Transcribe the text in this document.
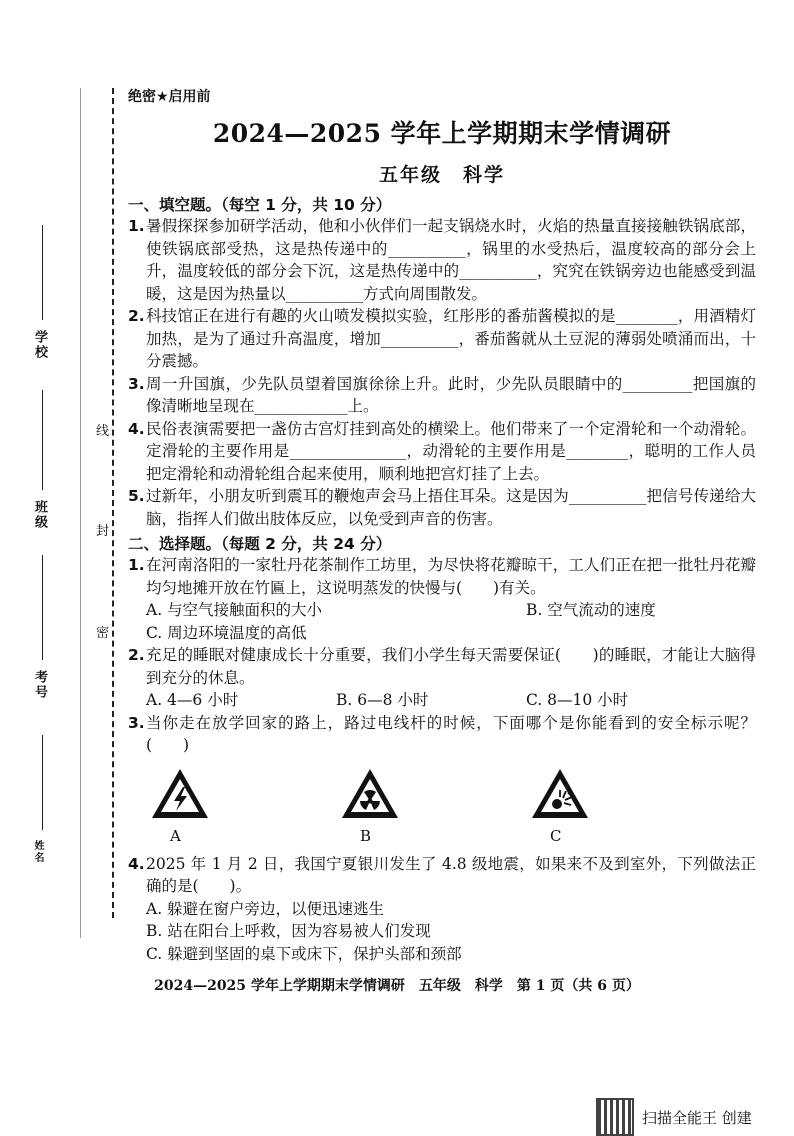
学校
班级
考号
姓名
线
封
密
绝密★启用前
2024—2025 学年上学期期末学情调研
五年级　科学
一、填空题。（每空 1 分，共 10 分）
1. 暑假探探参加研学活动，他和小伙伴们一起支锅烧水时，火焰的热量直接接触铁锅底部，使铁锅底部受热，这是热传递中的__________，锅里的水受热后，温度较高的部分会上升，温度较低的部分会下沉，这是热传递中的__________，究究在铁锅旁边也能感受到温暖，这是因为热量以__________方式向周围散发。
2. 科技馆正在进行有趣的火山喷发模拟实验，红彤彤的番茄酱模拟的是________，用酒精灯加热，是为了通过升高温度，增加__________，番茄酱就从土豆泥的薄弱处喷涌而出，十分震撼。
3. 周一升国旗，少先队员望着国旗徐徐上升。此时，少先队员眼睛中的_________把国旗的像清晰地呈现在____________上。
4. 民俗表演需要把一盏仿古宫灯挂到高处的横梁上。他们带来了一个定滑轮和一个动滑轮。定滑轮的主要作用是_______________，动滑轮的主要作用是________，聪明的工作人员把定滑轮和动滑轮组合起来使用，顺利地把宫灯挂了上去。
5. 过新年，小朋友听到震耳的鞭炮声会马上捂住耳朵。这是因为__________把信号传递给大脑，指挥人们做出肢体反应，以免受到声音的伤害。
二、选择题。（每题 2 分，共 24 分）
1. 在河南洛阳的一家牡丹花茶制作工坊里，为尽快将花瓣晾干，工人们正在把一批牡丹花瓣均匀地摊开放在竹匾上，这说明蒸发的快慢与(　　)有关。
A. 与空气接触面积的大小	B. 空气流动的速度
C. 周边环境温度的高低
2. 充足的睡眠对健康成长十分重要，我们小学生每天需要保证(　　)的睡眠，才能让大脑得到充分的休息。
A. 4—6 小时	B. 6—8 小时	C. 8—10 小时
3. 当你走在放学回家的路上，路过电线杆的时候，下面哪个是你能看到的安全标示呢？(　　)
A	B	C
4. 2025 年 1 月 2 日，我国宁夏银川发生了 4.8 级地震，如果来不及到室外，下列做法正确的是(　　)。
A. 躲避在窗户旁边，以便迅速逃生
B. 站在阳台上呼救，因为容易被人们发现
C. 躲避到坚固的桌下或床下，保护头部和颈部
2024—2025 学年上学期期末学情调研　五年级　科学　第 1 页（共 6 页）
扫描全能王 创建
